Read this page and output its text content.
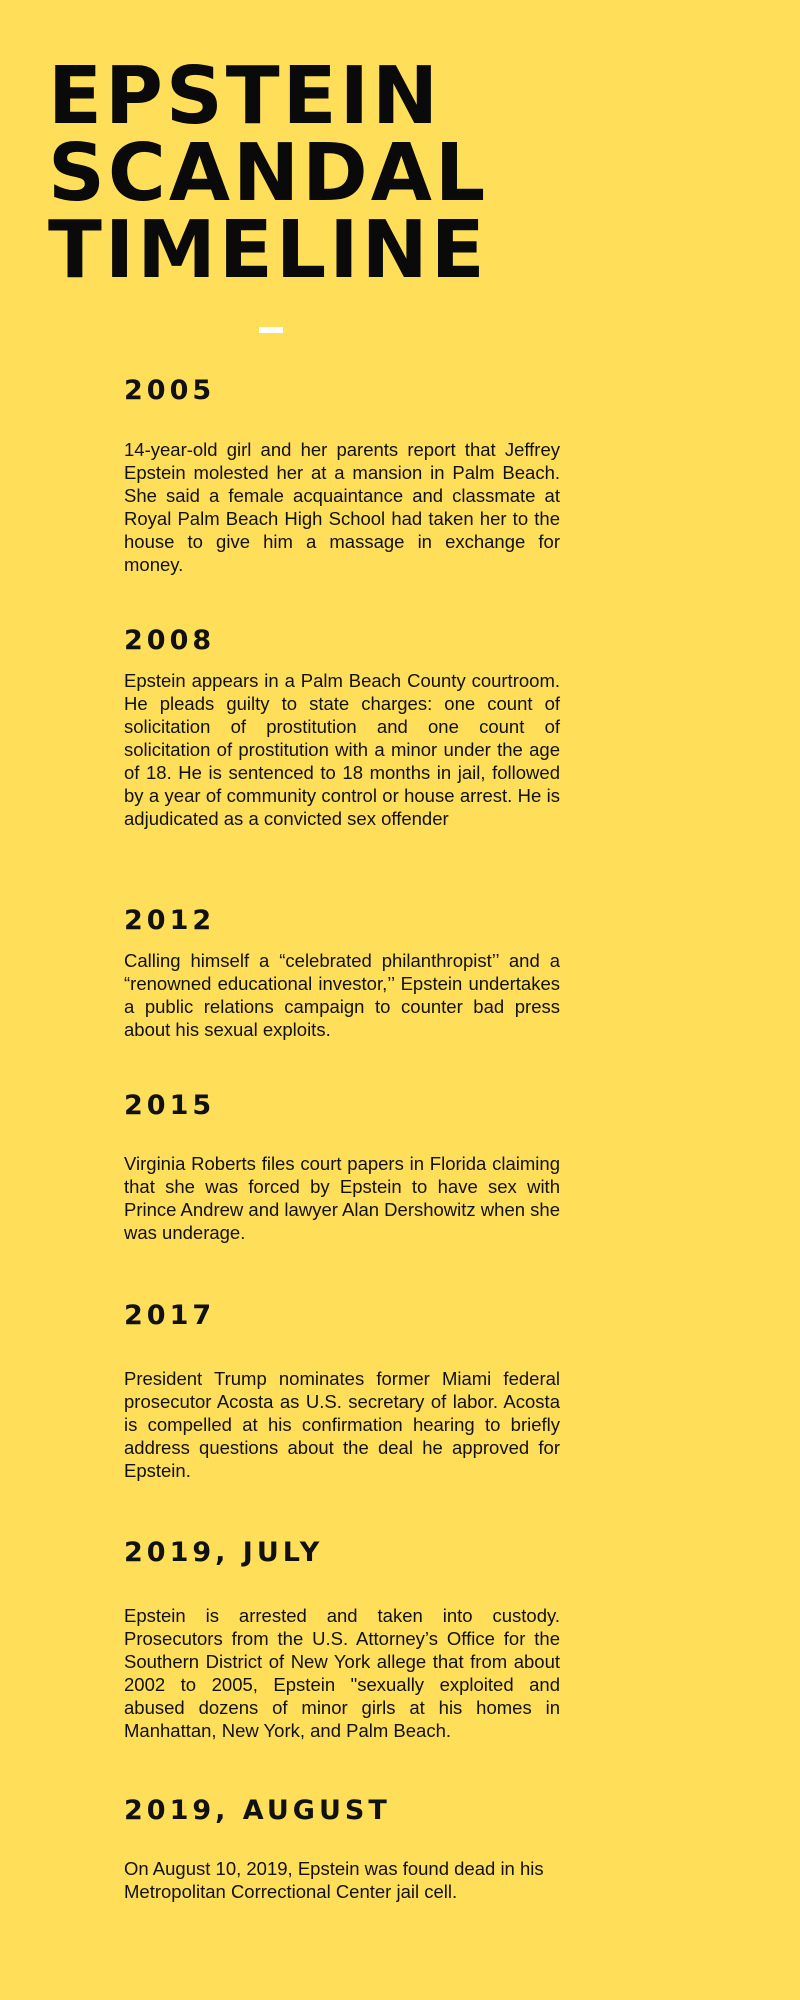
EPSTEIN
SCANDAL
TIMELINE
2005

14-year-old girl and her parents report that Jeffrey Epstein molested her at a mansion in Palm Beach. She said a female acquaintance and classmate at Royal Palm Beach High School had taken her to the house to give him a massage in exchange for money.

2008

Epstein appears in a Palm Beach County courtroom. He pleads guilty to state charges: one count of solicitation of prostitution and one count of solicitation of prostitution with a minor under the age of 18. He is sentenced to 18 months in jail, followed by a year of community control or house arrest. He is adjudicated as a convicted sex offender

2012

Calling himself a “celebrated philanthropist’’ and a “renowned educational investor,’’ Epstein undertakes a public relations campaign to counter bad press about his sexual exploits.

2015

Virginia Roberts files court papers in Florida claiming that she was forced by Epstein to have sex with Prince Andrew and lawyer Alan Dershowitz when she was underage.

2017

President Trump nominates former Miami federal prosecutor Acosta as U.S. secretary of labor. Acosta is compelled at his confirmation hearing to briefly address questions about the deal he approved for Epstein.

2019, JULY

Epstein is arrested and taken into custody. Prosecutors from the U.S. Attorney’s Office for the Southern District of New York allege that from about 2002 to 2005, Epstein "sexually exploited and abused dozens of minor girls at his homes in Manhattan, New York, and Palm Beach.

2019, AUGUST

On August 10, 2019, Epstein was found dead in his Metropolitan Correctional Center jail cell.
